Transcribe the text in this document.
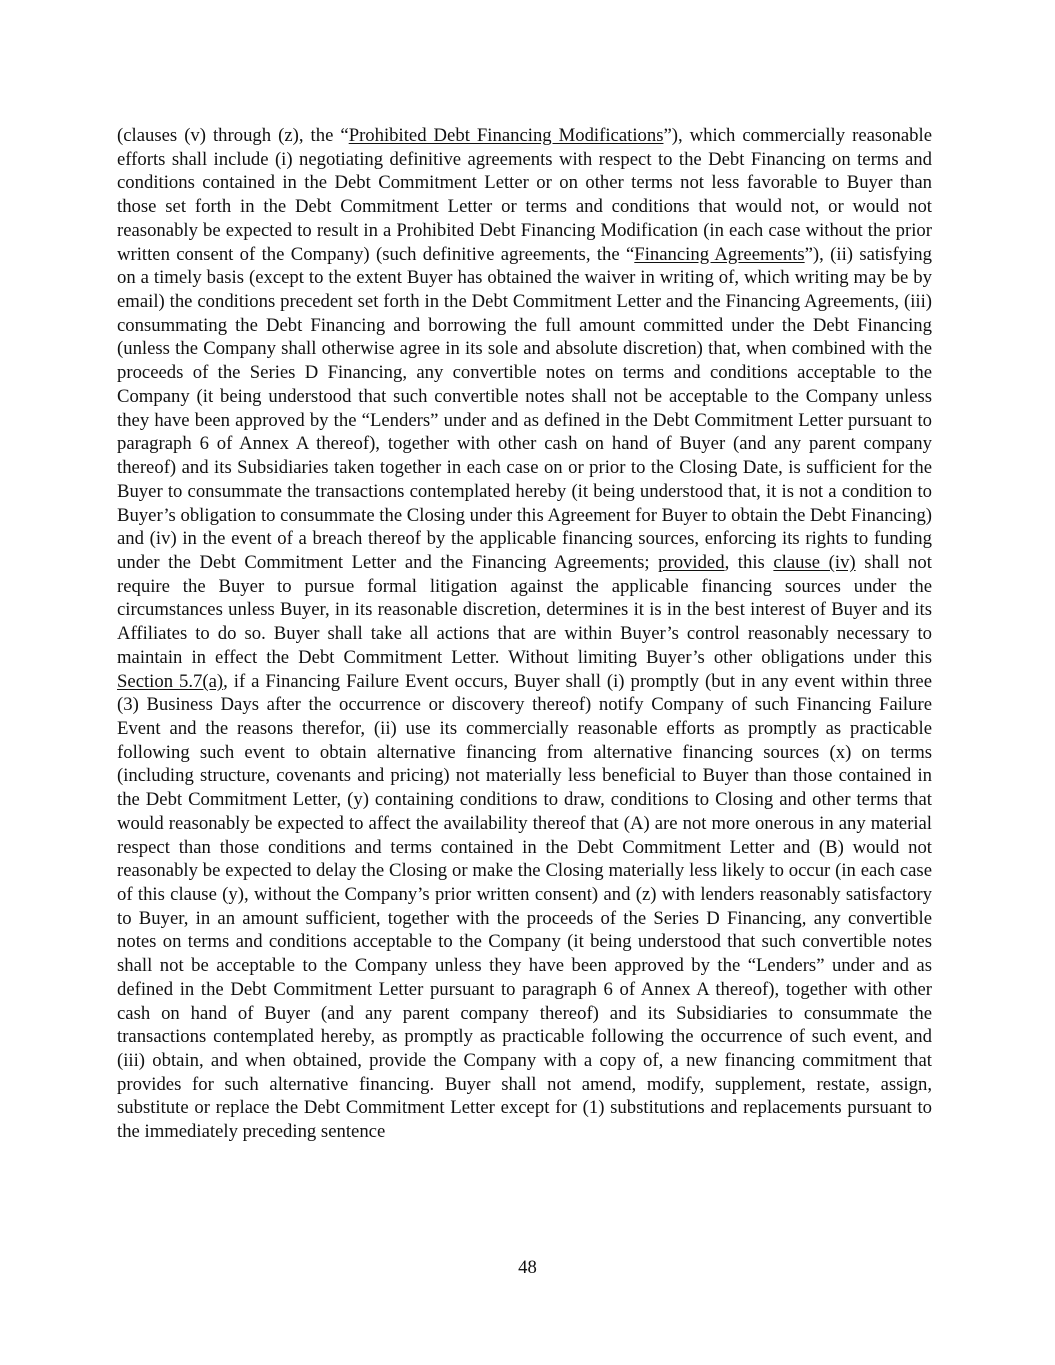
(clauses (v) through (z), the “Prohibited Debt Financing Modifications”), which commercially reasonable efforts shall include (i) negotiating definitive agreements with respect to the Debt Financing on terms and conditions contained in the Debt Commitment Letter or on other terms not less favorable to Buyer than those set forth in the Debt Commitment Letter or terms and conditions that would not, or would not reasonably be expected to result in a Prohibited Debt Financing Modification (in each case without the prior written consent of the Company) (such definitive agreements, the “Financing Agreements”), (ii) satisfying on a timely basis (except to the extent Buyer has obtained the waiver in writing of, which writing may be by email) the conditions precedent set forth in the Debt Commitment Letter and the Financing Agreements, (iii) consummating the Debt Financing and borrowing the full amount committed under the Debt Financing (unless the Company shall otherwise agree in its sole and absolute discretion) that, when combined with the proceeds of the Series D Financing, any convertible notes on terms and conditions acceptable to the Company (it being understood that such convertible notes shall not be acceptable to the Company unless they have been approved by the “Lenders” under and as defined in the Debt Commitment Letter pursuant to paragraph 6 of Annex A thereof), together with other cash on hand of Buyer (and any parent company thereof) and its Subsidiaries taken together in each case on or prior to the Closing Date, is sufficient for the Buyer to consummate the transactions contemplated hereby (it being understood that, it is not a condition to Buyer’s obligation to consummate the Closing under this Agreement for Buyer to obtain the Debt Financing) and (iv) in the event of a breach thereof by the applicable financing sources, enforcing its rights to funding under the Debt Commitment Letter and the Financing Agreements; provided, this clause (iv) shall not require the Buyer to pursue formal litigation against the applicable financing sources under the circumstances unless Buyer, in its reasonable discretion, determines it is in the best interest of Buyer and its Affiliates to do so. Buyer shall take all actions that are within Buyer’s control reasonably necessary to maintain in effect the Debt Commitment Letter. Without limiting Buyer’s other obligations under this Section 5.7(a), if a Financing Failure Event occurs, Buyer shall (i) promptly (but in any event within three (3) Business Days after the occurrence or discovery thereof) notify Company of such Financing Failure Event and the reasons therefor, (ii) use its commercially reasonable efforts as promptly as practicable following such event to obtain alternative financing from alternative financing sources (x) on terms (including structure, covenants and pricing) not materially less beneficial to Buyer than those contained in the Debt Commitment Letter, (y) containing conditions to draw, conditions to Closing and other terms that would reasonably be expected to affect the availability thereof that (A) are not more onerous in any material respect than those conditions and terms contained in the Debt Commitment Letter and (B) would not reasonably be expected to delay the Closing or make the Closing materially less likely to occur (in each case of this clause (y), without the Company’s prior written consent) and (z) with lenders reasonably satisfactory to Buyer, in an amount sufficient, together with the proceeds of the Series D Financing, any convertible notes on terms and conditions acceptable to the Company (it being understood that such convertible notes shall not be acceptable to the Company unless they have been approved by the “Lenders” under and as defined in the Debt Commitment Letter pursuant to paragraph 6 of Annex A thereof), together with other cash on hand of Buyer (and any parent company thereof) and its Subsidiaries to consummate the transactions contemplated hereby, as promptly as practicable following the occurrence of such event, and (iii) obtain, and when obtained, provide the Company with a copy of, a new financing commitment that provides for such alternative financing. Buyer shall not amend, modify, supplement, restate, assign, substitute or replace the Debt Commitment Letter except for (1) substitutions and replacements pursuant to the immediately preceding sentence

48
